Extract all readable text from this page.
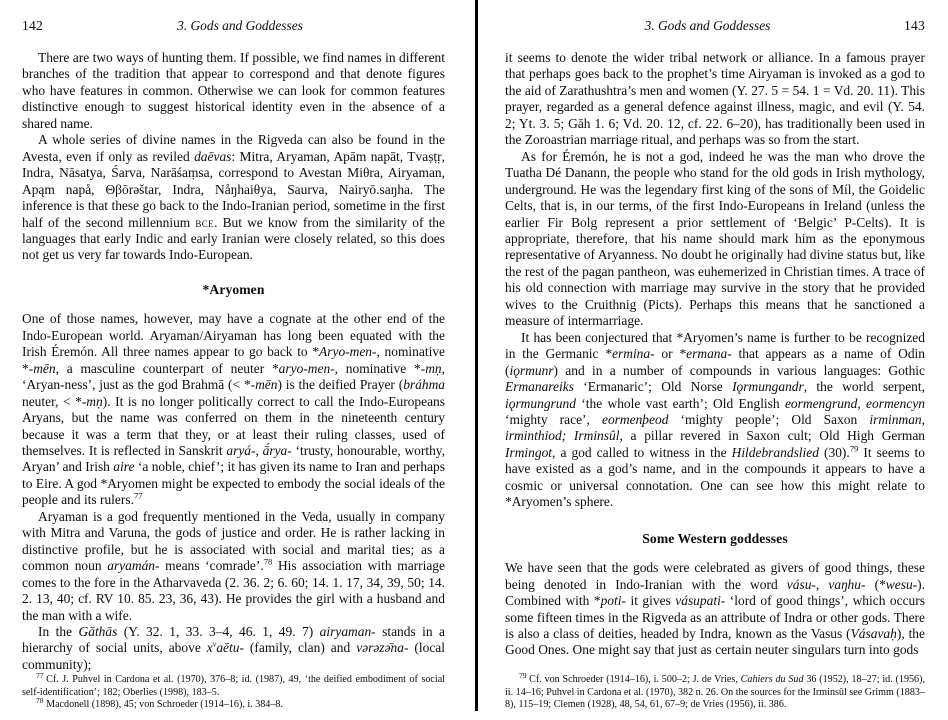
142	3. Gods and Goddesses

There are two ways of hunting them. If possible, we find names in different branches of the tradition that appear to correspond and that denote figures who have features in common. Otherwise we can look for common features distinctive enough to suggest historical identity even in the absence of a shared name.

A whole series of divine names in the Rigveda can also be found in the Avesta, even if only as reviled daēvas: Mitra, Aryaman, Apām napāt, Tvaṣṭṛ, Indra, Nāsatya, Śarva, Narāśaṃsa, correspond to Avestan Miθra, Airyaman, Apąm napå, Θβōrəštar, Indra, Nåŋhaiθya, Saurva, Nairyō.saŋha. The inference is that these go back to the Indo-Iranian period, sometime in the first half of the second millennium bce. But we know from the similarity of the languages that early Indic and early Iranian were closely related, so this does not get us very far towards Indo-European.

*Aryomen

One of those names, however, may have a cognate at the other end of the Indo-European world. Aryaman/Airyaman has long been equated with the Irish Éremón. All three names appear to go back to *Aryo-men-, nominative *-mēn, a masculine counterpart of neuter *aryo-men-, nominative *-mṇ, ‘Aryan-ness’, just as the god Brahmā (< *-mēn) is the deified Prayer (bráhma neuter, < *-mṇ). It is no longer politically correct to call the Indo-Europeans Aryans, but the name was conferred on them in the nineteenth century because it was a term that they, or at least their ruling classes, used of themselves. It is reflected in Sanskrit aryá-, ā́rya- ‘trusty, honourable, worthy, Aryan’ and Irish aire ‘a noble, chief’; it has given its name to Iran and perhaps to Eire. A god *Aryomen might be expected to embody the social ideals of the people and its rulers.$^{77}$

Aryaman is a god frequently mentioned in the Veda, usually in company with Mitra and Varuna, the gods of justice and order. He is rather lacking in distinctive profile, but he is associated with social and marital ties; as a common noun aryamán- means ‘comrade’.$^{78}$ His association with marriage comes to the fore in the Atharvaveda (2. 36. 2; 6. 60; 14. 1. 17, 34, 39, 50; 14. 2. 13, 40; cf. RV 10. 85. 23, 36, 43). He provides the girl with a husband and the man with a wife.

In the Gāthās (Y. 32. 1, 33. 3–4, 46. 1, 49. 7) airyaman- stands in a hierarchy of social units, above $x^vaētu-$ (family, clan) and vərəzə̄na- (local community);

$^{77}$ Cf. J. Puhvel in Cardona et al. (1970), 376–8; id. (1987), 49, ‘the deified embodiment of social self-identification’; 182; Oberlies (1998), 183–5.

$^{78}$ Macdonell (1898), 45; von Schroeder (1914–16), i. 384–8.

3. Gods and Goddesses	143

it seems to denote the wider tribal network or alliance. In a famous prayer that perhaps goes back to the prophet’s time Airyaman is invoked as a god to the aid of Zarathushtra’s men and women (Y. 27. 5 = 54. 1 = Vd. 20. 11). This prayer, regarded as a general defence against illness, magic, and evil (Y. 54. 2; Yt. 3. 5; Gāh 1. 6; Vd. 20. 12, cf. 22. 6–20), has traditionally been used in the Zoroastrian marriage ritual, and perhaps was so from the start.

As for Éremón, he is not a god, indeed he was the man who drove the Tuatha Dé Danann, the people who stand for the old gods in Irish mythology, underground. He was the legendary first king of the sons of Míl, the Goidelic Celts, that is, in our terms, of the first Indo-Europeans in Ireland (unless the earlier Fir Bolg represent a prior settlement of ‘Belgic’ P-Celts). It is appropriate, therefore, that his name should mark him as the eponymous representative of Aryanness. No doubt he originally had divine status but, like the rest of the pagan pantheon, was euhemerized in Christian times. A trace of his old connection with marriage may survive in the story that he provided wives to the Cruithnig (Picts). Perhaps this means that he sanctioned a measure of intermarriage.

It has been conjectured that *Aryomen’s name is further to be recognized in the Germanic *ermina- or *ermana- that appears as a name of Odin (iǫrmunr) and in a number of compounds in various languages: Gothic Ermanareiks ‘Ermanaric’; Old Norse Iǫrmungandr, the world serpent, iǫrmungrund ‘the whole vast earth’; Old English eormengrund, eormencyn ‘mighty race’, eormenþeod ‘mighty people’; Old Saxon irminman, irminthiod; Irminsûl, a pillar revered in Saxon cult; Old High German Irmingot, a god called to witness in the Hildebrandslied (30).$^{79}$ It seems to have existed as a god’s name, and in the compounds it appears to have a cosmic or universal connotation. One can see how this might relate to *Aryomen’s sphere.

Some Western goddesses

We have seen that the gods were celebrated as givers of good things, these being denoted in Indo-Iranian with the word vásu-, vaŋhu- (*wesu-). Combined with *poti- it gives vásupati- ‘lord of good things’, which occurs some fifteen times in the Rigveda as an attribute of Indra or other gods. There is also a class of deities, headed by Indra, known as the Vasus (Vásavaḥ), the Good Ones. One might say that just as certain neuter singulars turn into gods

$^{79}$ Cf. von Schroeder (1914–16), i. 500–2; J. de Vries, Cahiers du Sud 36 (1952), 18–27; id. (1956), ii. 14–16; Puhvel in Cardona et al. (1970), 382 n. 26. On the sources for the Irminsûl see Grimm (1883–8), 115–19; Clemen (1928), 48, 54, 61, 67–9; de Vries (1956), ii. 386.
